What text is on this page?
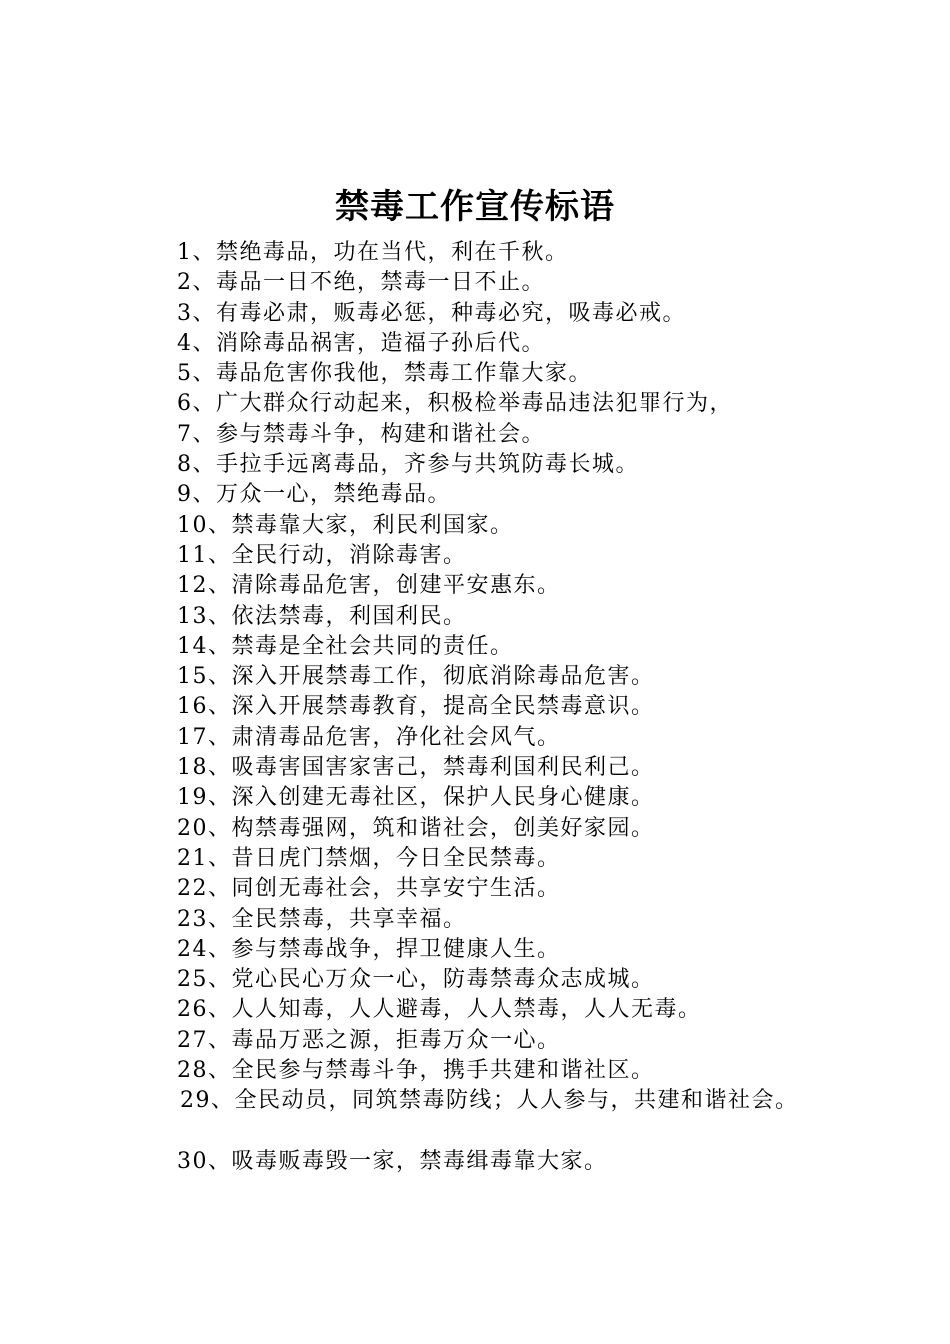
禁毒工作宣传标语
1、禁绝毒品，功在当代，利在千秋。
2、毒品一日不绝，禁毒一日不止。
3、有毒必肃，贩毒必惩，种毒必究，吸毒必戒。
4、消除毒品祸害，造福子孙后代。
5、毒品危害你我他，禁毒工作靠大家。
6、广大群众行动起来，积极检举毒品违法犯罪行为，
7、参与禁毒斗争，构建和谐社会。
8、手拉手远离毒品，齐参与共筑防毒长城。
9、万众一心，禁绝毒品。
10、禁毒靠大家，利民利国家。
11、全民行动，消除毒害。
12、清除毒品危害，创建平安惠东。
13、依法禁毒，利国利民。
14、禁毒是全社会共同的责任。
15、深入开展禁毒工作，彻底消除毒品危害。
16、深入开展禁毒教育，提高全民禁毒意识。
17、肃清毒品危害，净化社会风气。
18、吸毒害国害家害己，禁毒利国利民利己。
19、深入创建无毒社区，保护人民身心健康。
20、构禁毒强网，筑和谐社会，创美好家园。
21、昔日虎门禁烟，今日全民禁毒。
22、同创无毒社会，共享安宁生活。
23、全民禁毒，共享幸福。
24、参与禁毒战争，捍卫健康人生。
25、党心民心万众一心，防毒禁毒众志成城。
26、人人知毒，人人避毒，人人禁毒，人人无毒。
27、毒品万恶之源，拒毒万众一心。
28、全民参与禁毒斗争，携手共建和谐社区。
29、全民动员，同筑禁毒防线；人人参与，共建和谐社会。
30、吸毒贩毒毁一家，禁毒缉毒靠大家。
